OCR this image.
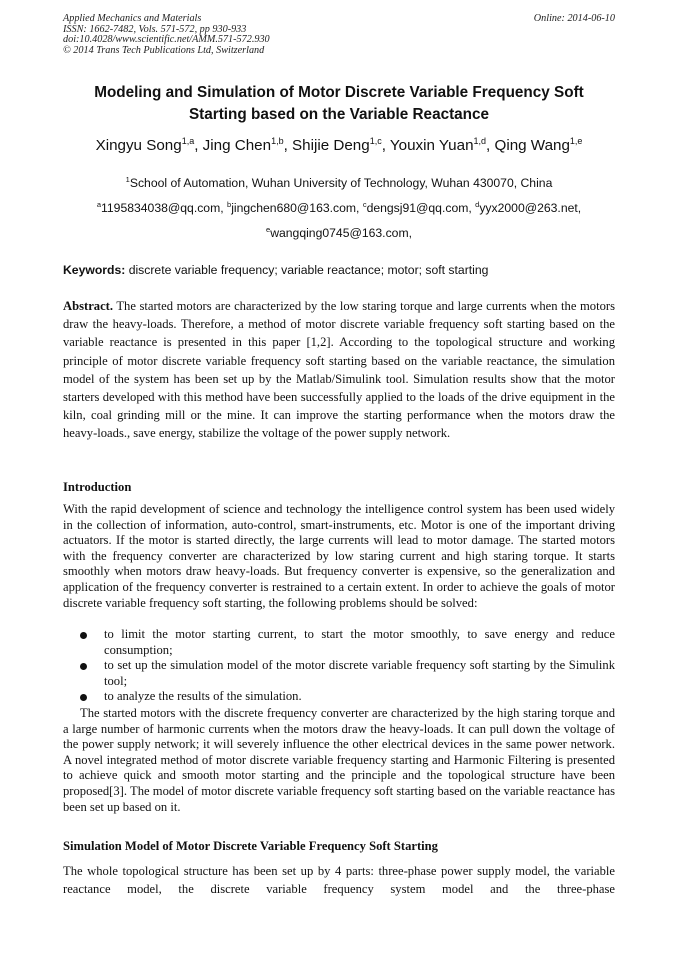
Applied Mechanics and Materials
ISSN: 1662-7482, Vols. 571-572, pp 930-933
doi:10.4028/www.scientific.net/AMM.571-572.930
© 2014 Trans Tech Publications Ltd, Switzerland
Online: 2014-06-10
Modeling and Simulation of Motor Discrete Variable Frequency Soft
Starting based on the Variable Reactance
Xingyu Song$^{1,a}$, Jing Chen$^{1,b}$, Shijie Deng$^{1,c}$, Youxin Yuan$^{1,d}$, Qing Wang$^{1,e}$
$^1$School of Automation, Wuhan University of Technology, Wuhan 430070, China
$^a$1195834038@qq.com, $^b$jingchen680@163.com, $^c$dengsj91@qq.com, $^d$yyx2000@263.net,
$^e$wangqing0745@163.com,
Keywords: discrete variable frequency; variable reactance; motor; soft starting
Abstract. The started motors are characterized by the low staring torque and large currents when the motors draw the heavy-loads. Therefore, a method of motor discrete variable frequency soft starting based on the variable reactance is presented in this paper [1,2]. According to the topological structure and working principle of motor discrete variable frequency soft starting based on the variable reactance, the simulation model of the system has been set up by the Matlab/Simulink tool. Simulation results show that the motor starters developed with this method have been successfully applied to the loads of the drive equipment in the kiln, coal grinding mill or the mine. It can improve the starting performance when the motors draw the heavy-loads., save energy, stabilize the voltage of the power supply network.
Introduction
With the rapid development of science and technology the intelligence control system has been used widely in the collection of information, auto-control, smart-instruments, etc. Motor is one of the important driving actuators. If the motor is started directly, the large currents will lead to motor damage. The started motors with the frequency converter are characterized by low staring current and high staring torque. It starts smoothly when motors draw heavy-loads. But frequency converter is expensive, so the generalization and application of the frequency converter is restrained to a certain extent. In order to achieve the goals of motor discrete variable frequency soft starting, the following problems should be solved:
to limit the motor starting current, to start the motor smoothly, to save energy and reduce consumption;
to set up the simulation model of the motor discrete variable frequency soft starting by the Simulink tool;
to analyze the results of the simulation.
The started motors with the discrete frequency converter are characterized by the high staring torque and a large number of harmonic currents when the motors draw the heavy-loads. It can pull down the voltage of the power supply network; it will severely influence the other electrical devices in the same power network. A novel integrated method of motor discrete variable frequency starting and Harmonic Filtering is presented to achieve quick and smooth motor starting and the principle and the topological structure have been proposed[3]. The model of motor discrete variable frequency soft starting based on the variable reactance has been set up based on it.
Simulation Model of Motor Discrete Variable Frequency Soft Starting
The whole topological structure has been set up by 4 parts: three-phase power supply model, the variable reactance model, the discrete variable frequency system model and the three-phase
